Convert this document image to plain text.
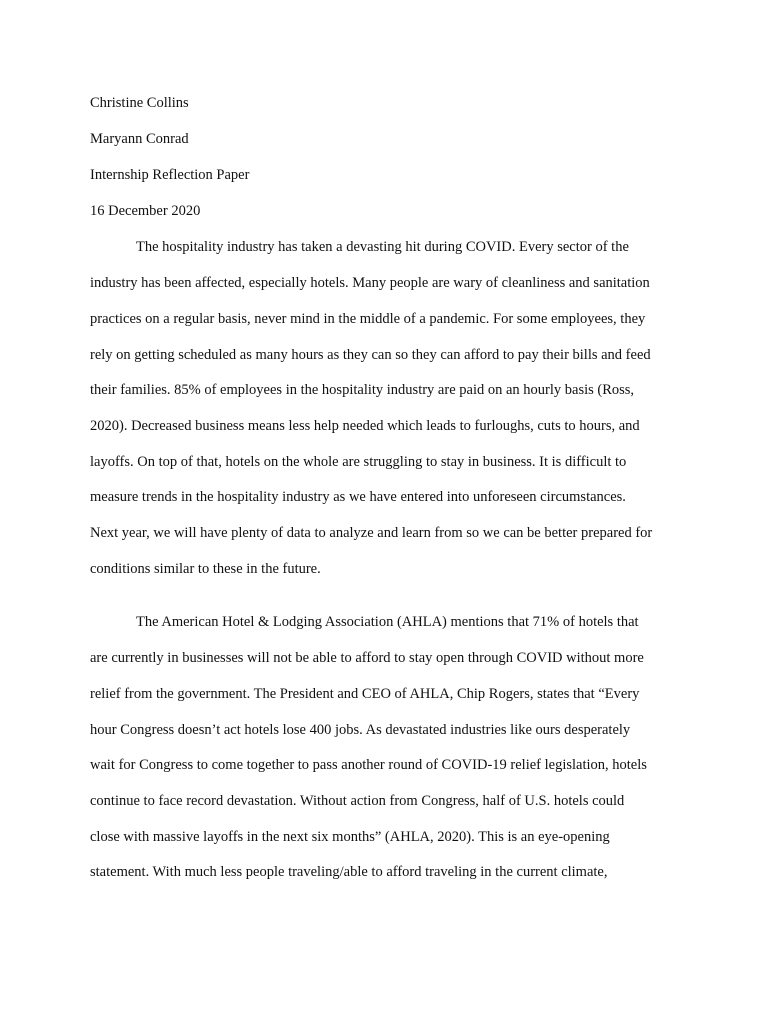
Christine Collins
Maryann Conrad
Internship Reflection Paper
16 December 2020
The hospitality industry has taken a devasting hit during COVID. Every sector of the
industry has been affected, especially hotels. Many people are wary of cleanliness and sanitation
practices on a regular basis, never mind in the middle of a pandemic. For some employees, they
rely on getting scheduled as many hours as they can so they can afford to pay their bills and feed
their families. 85% of employees in the hospitality industry are paid on an hourly basis (Ross,
2020). Decreased business means less help needed which leads to furloughs, cuts to hours, and
layoffs. On top of that, hotels on the whole are struggling to stay in business. It is difficult to
measure trends in the hospitality industry as we have entered into unforeseen circumstances.
Next year, we will have plenty of data to analyze and learn from so we can be better prepared for
conditions similar to these in the future.
The American Hotel & Lodging Association (AHLA) mentions that 71% of hotels that
are currently in businesses will not be able to afford to stay open through COVID without more
relief from the government. The President and CEO of AHLA, Chip Rogers, states that “Every
hour Congress doesn’t act hotels lose 400 jobs. As devastated industries like ours desperately
wait for Congress to come together to pass another round of COVID-19 relief legislation, hotels
continue to face record devastation. Without action from Congress, half of U.S. hotels could
close with massive layoffs in the next six months” (AHLA, 2020). This is an eye-opening
statement. With much less people traveling/able to afford traveling in the current climate,
